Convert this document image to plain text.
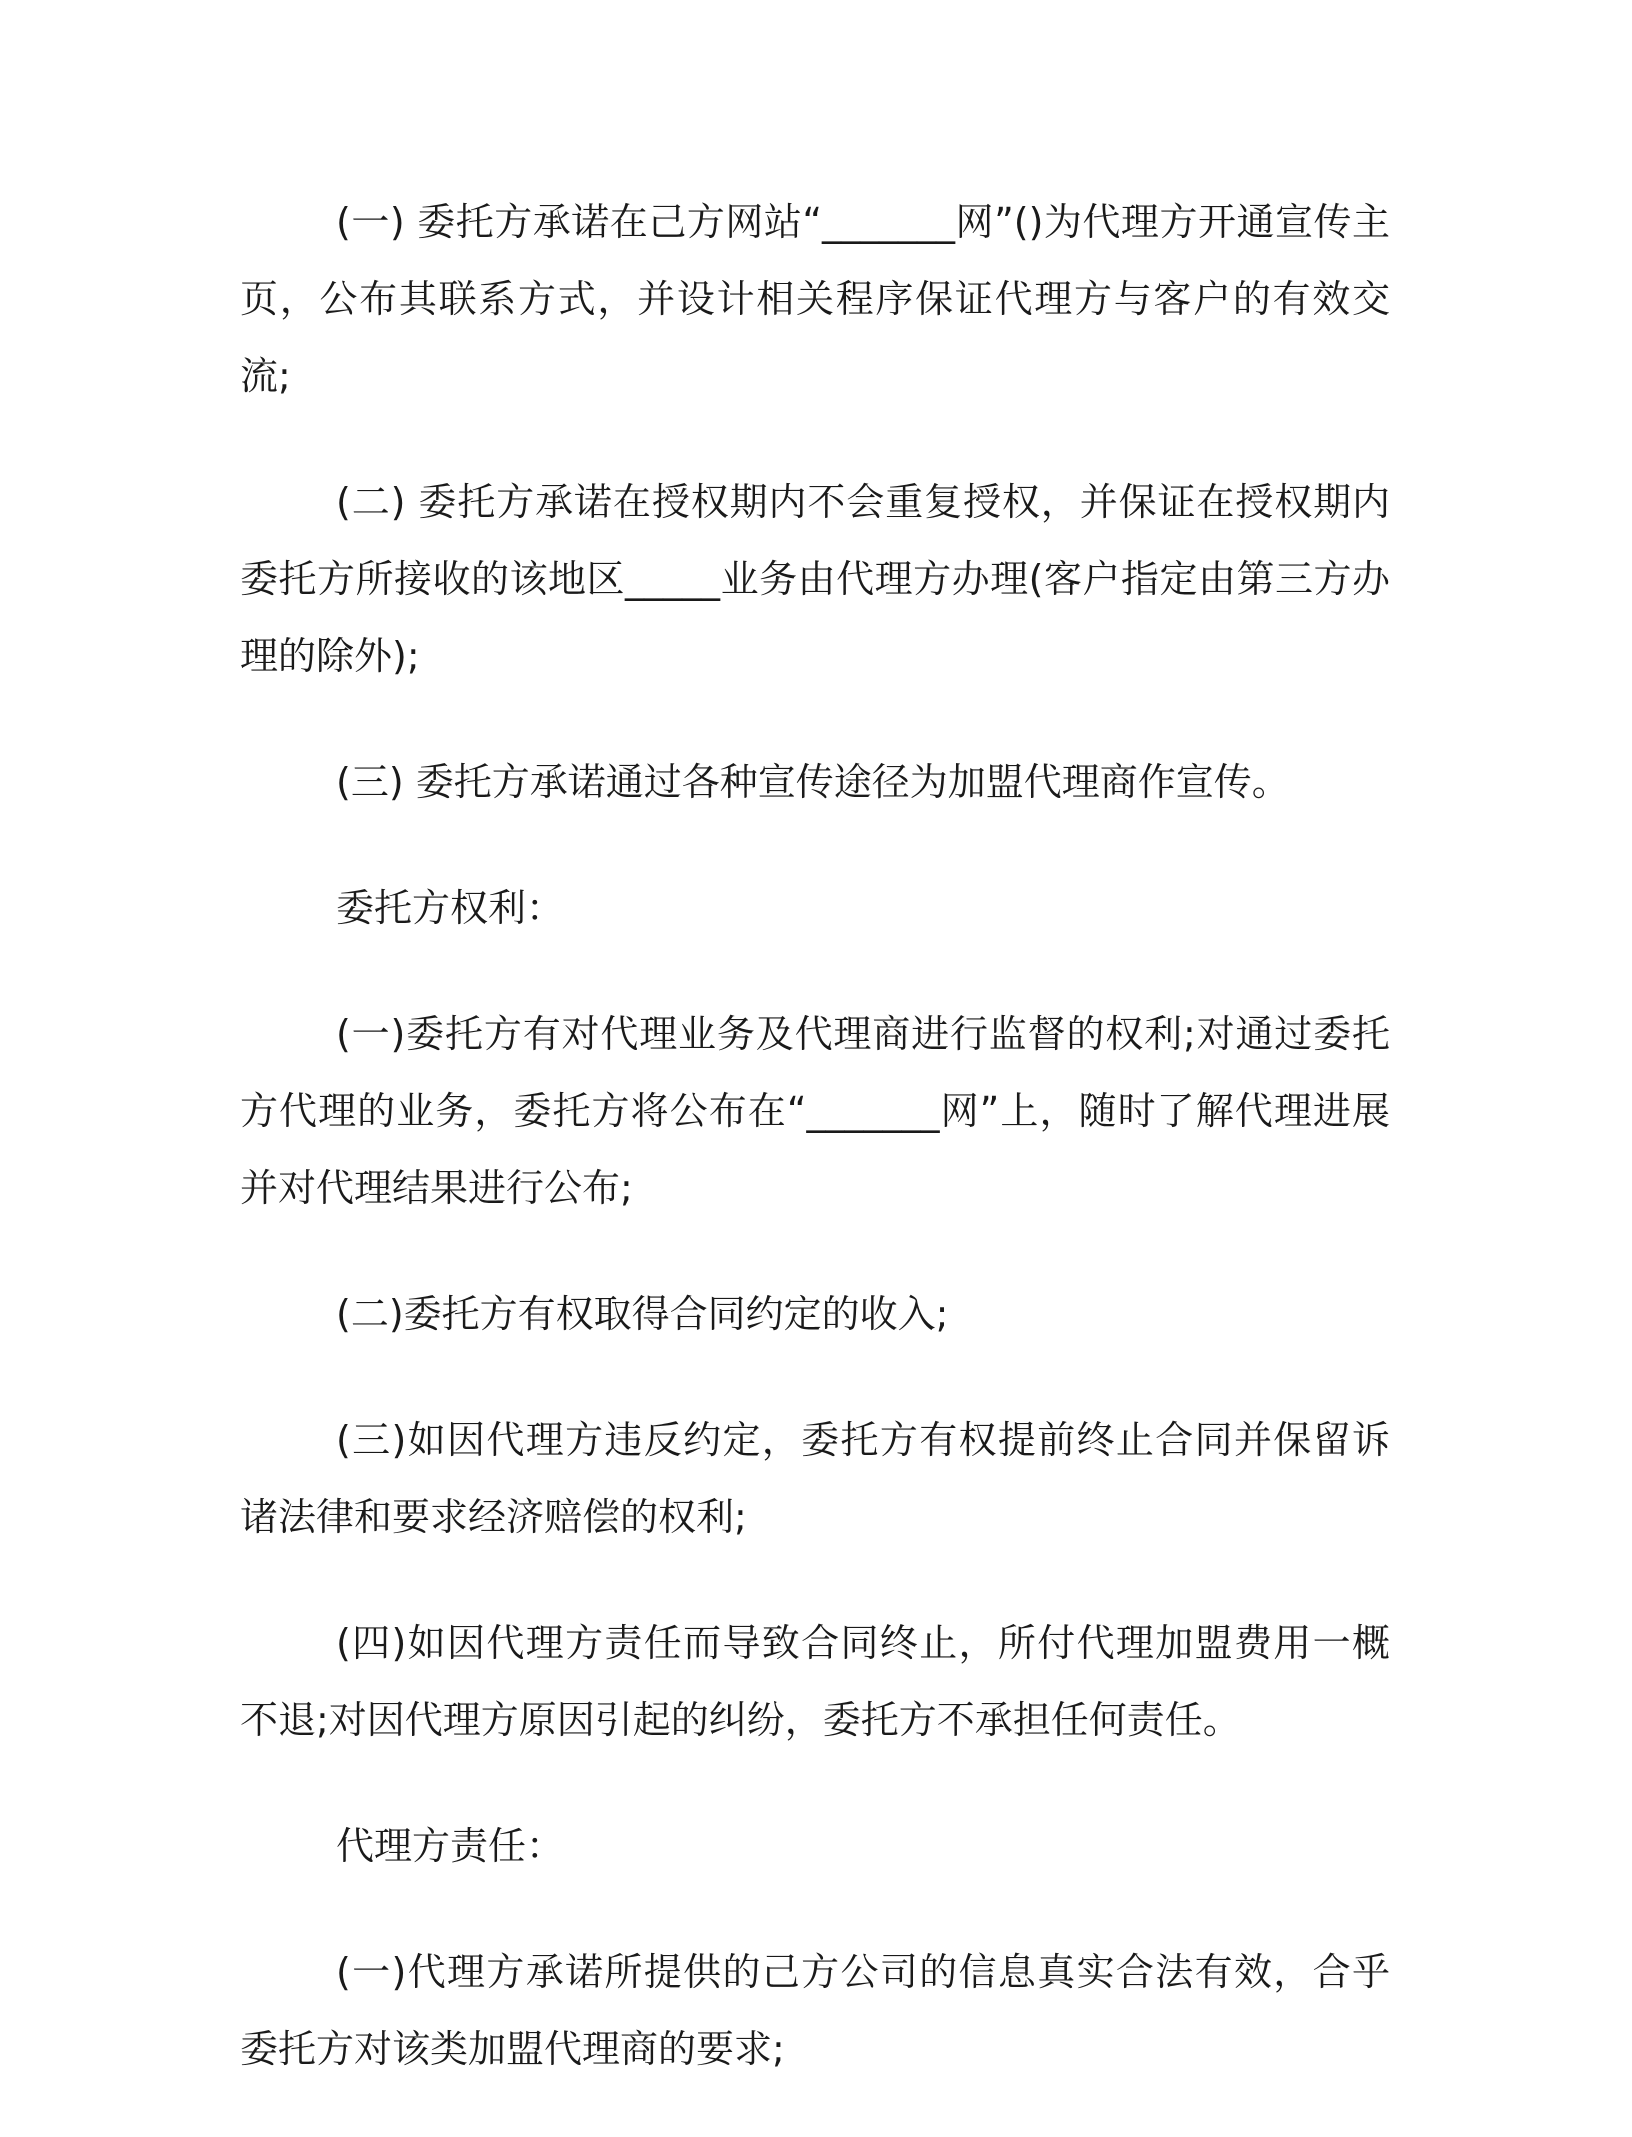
(一) 委托方承诺在己方网站“_______网”()为代理方开通宣传主页，公布其联系方式，并设计相关程序保证代理方与客户的有效交流;

(二) 委托方承诺在授权期内不会重复授权，并保证在授权期内委托方所接收的该地区_____业务由代理方办理(客户指定由第三方办理的除外);

(三) 委托方承诺通过各种宣传途径为加盟代理商作宣传。

委托方权利：

(一)委托方有对代理业务及代理商进行监督的权利;对通过委托方代理的业务，委托方将公布在“_______网”上，随时了解代理进展并对代理结果进行公布;

(二)委托方有权取得合同约定的收入;

(三)如因代理方违反约定，委托方有权提前终止合同并保留诉诸法律和要求经济赔偿的权利;

(四)如因代理方责任而导致合同终止，所付代理加盟费用一概不退;对因代理方原因引起的纠纷，委托方不承担任何责任。

代理方责任：

(一)代理方承诺所提供的己方公司的信息真实合法有效，合乎委托方对该类加盟代理商的要求;
